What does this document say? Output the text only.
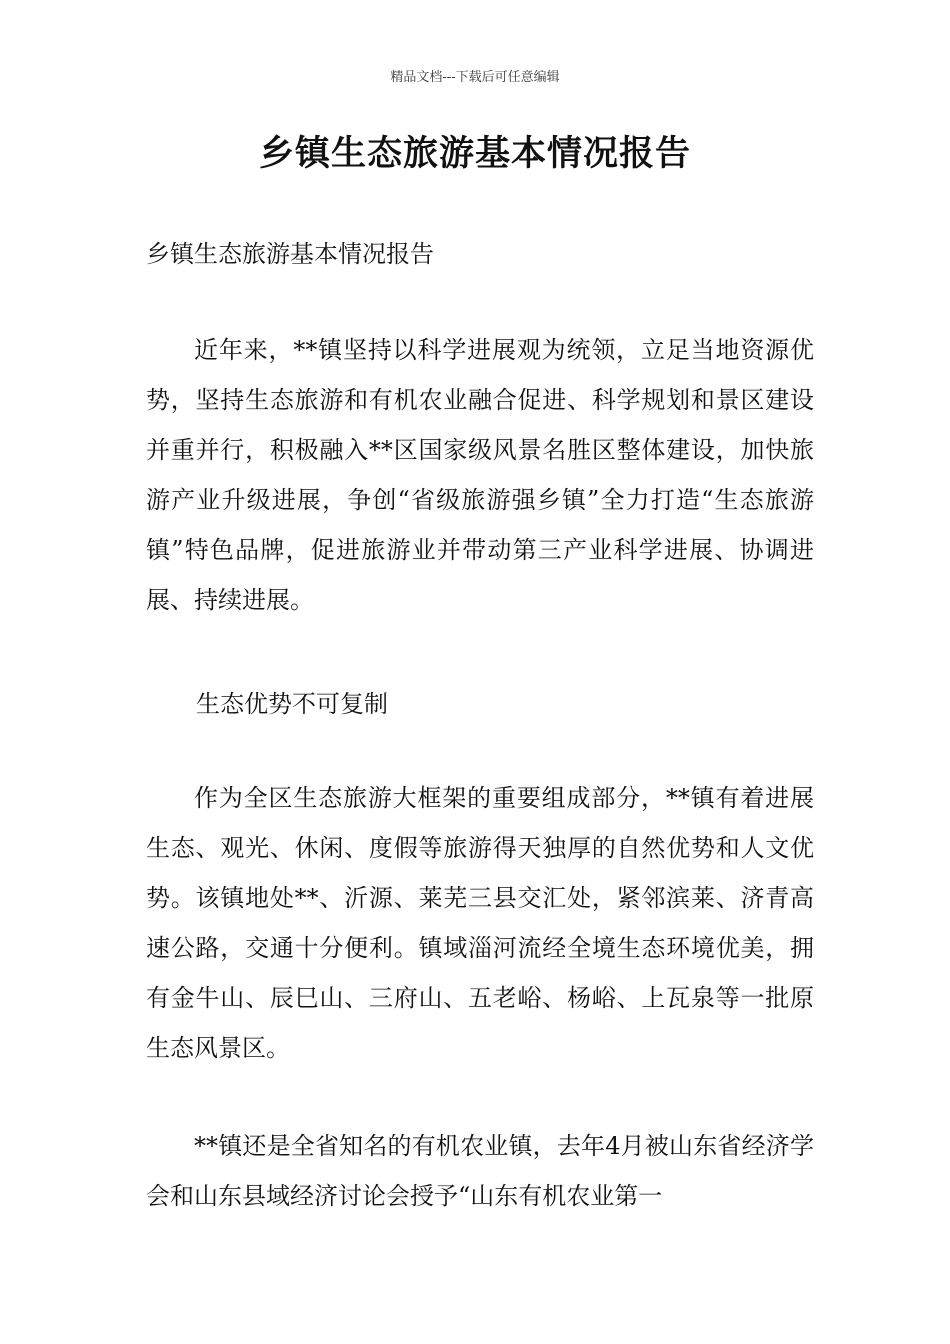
精品文档---下载后可任意编辑
乡镇生态旅游基本情况报告
乡镇生态旅游基本情况报告

近年来，**镇坚持以科学进展观为统领，立足当地资源优势，坚持生态旅游和有机农业融合促进、科学规划和景区建设并重并行，积极融入**区国家级风景名胜区整体建设，加快旅游产业升级进展，争创“省级旅游强乡镇”全力打造“生态旅游镇”特色品牌，促进旅游业并带动第三产业科学进展、协调进展、持续进展。

生态优势不可复制

作为全区生态旅游大框架的重要组成部分，**镇有着进展生态、观光、休闲、度假等旅游得天独厚的自然优势和人文优势。该镇地处**、沂源、莱芜三县交汇处，紧邻滨莱、济青高速公路，交通十分便利。镇域淄河流经全境生态环境优美，拥有金牛山、辰巳山、三府山、五老峪、杨峪、上瓦泉等一批原生态风景区。

**镇还是全省知名的有机农业镇，去年4月被山东省经济学会和山东县域经济讨论会授予“山东有机农业第一
